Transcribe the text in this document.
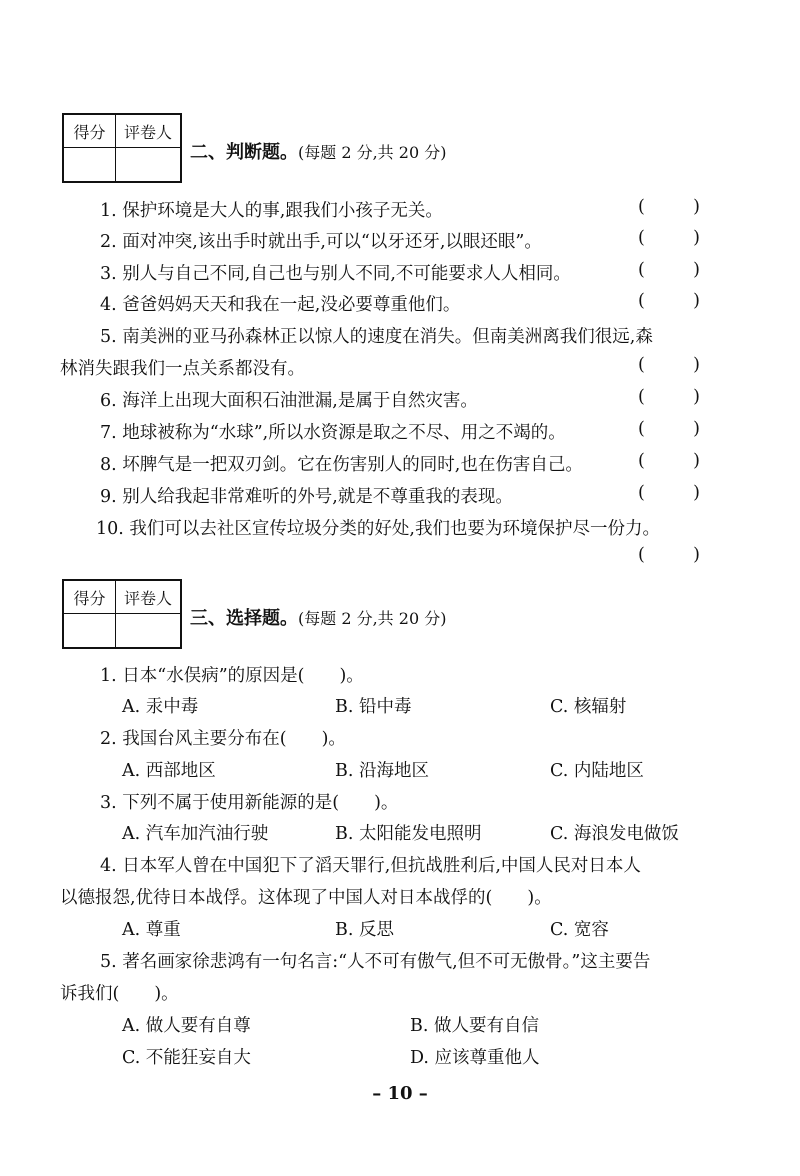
得分	评卷人
二、判断题。(每题 2 分,共 20 分)
1. 保护环境是大人的事,跟我们小孩子无关。	(	)
2. 面对冲突,该出手时就出手,可以“以牙还牙,以眼还眼”。	(	)
3. 别人与自己不同,自己也与别人不同,不可能要求人人相同。	(	)
4. 爸爸妈妈天天和我在一起,没必要尊重他们。	(	)
5. 南美洲的亚马孙森林正以惊人的速度在消失。但南美洲离我们很远,森
林消失跟我们一点关系都没有。	(	)
6. 海洋上出现大面积石油泄漏,是属于自然灾害。	(	)
7. 地球被称为“水球”,所以水资源是取之不尽、用之不竭的。	(	)
8. 坏脾气是一把双刃剑。它在伤害别人的同时,也在伤害自己。	(	)
9. 别人给我起非常难听的外号,就是不尊重我的表现。	(	)
10. 我们可以去社区宣传垃圾分类的好处,我们也要为环境保护尽一份力。
(	)
得分	评卷人
三、选择题。(每题 2 分,共 20 分)
1. 日本“水俣病”的原因是(　　)。
A. 汞中毒	B. 铅中毒	C. 核辐射
2. 我国台风主要分布在(　　)。
A. 西部地区	B. 沿海地区	C. 内陆地区
3. 下列不属于使用新能源的是(　　)。
A. 汽车加汽油行驶	B. 太阳能发电照明	C. 海浪发电做饭
4. 日本军人曾在中国犯下了滔天罪行,但抗战胜利后,中国人民对日本人
以德报怨,优待日本战俘。这体现了中国人对日本战俘的(　　)。
A. 尊重	B. 反思	C. 宽容
5. 著名画家徐悲鸿有一句名言:“人不可有傲气,但不可无傲骨。”这主要告
诉我们(　　)。
A. 做人要有自尊	B. 做人要有自信
C. 不能狂妄自大	D. 应该尊重他人
– 10 –
